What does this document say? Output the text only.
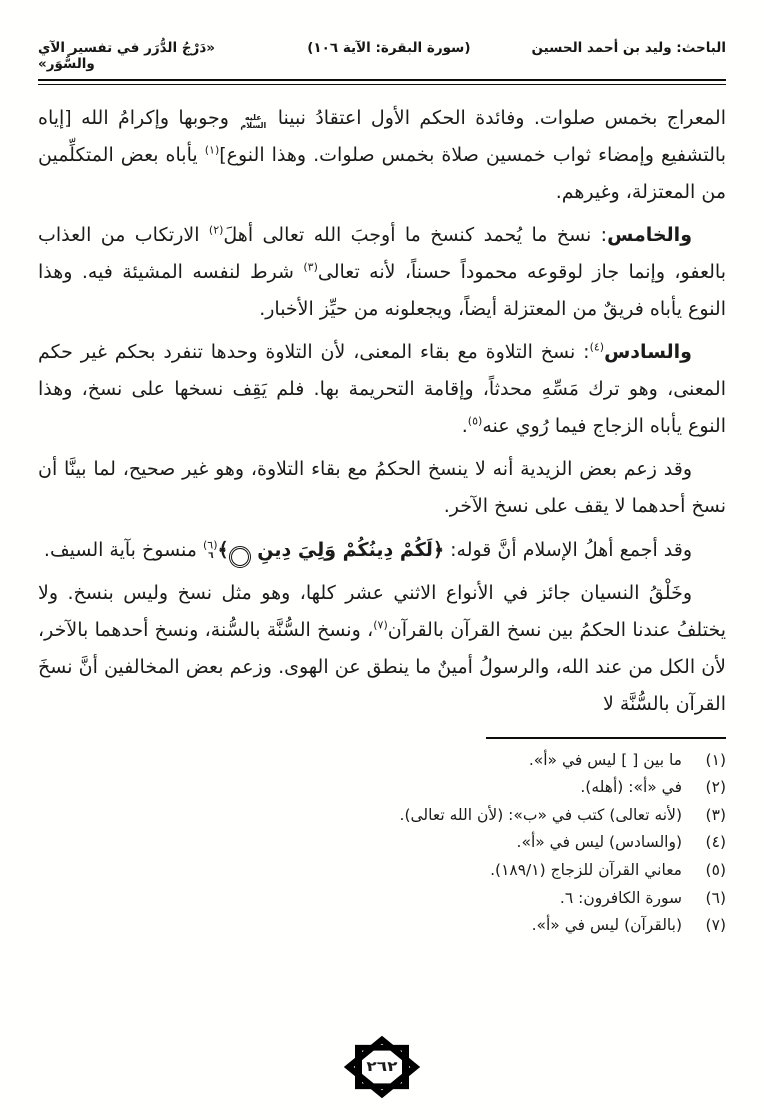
الباحث: وليد بن أحمد الحسين
(سورة البقرة: الآية ١٠٦)
«دَرْجُ الدُّرَر في تفسير الآي والسُّوَر»

المعراج بخمس صلوات. وفائدة الحكم الأول اعتقادُ نبينا عليه السلام وجوبها وإكرامُ الله [إياه بالتشفيع وإمضاء ثواب خمسين صلاة بخمس صلوات. وهذا النوع]$^{(١)}$ يأباه بعض المتكلِّمين من المعتزلة، وغيرهم.

والخامس: نسخ ما يُحمد كنسخ ما أوجبَ الله تعالى أهلَ$^{(٢)}$ الارتكاب من العذاب بالعفو، وإنما جاز لوقوعه محموداً حسناً، لأنه تعالى$^{(٣)}$ شرط لنفسه المشيئة فيه. وهذا النوع يأباه فريقٌ من المعتزلة أيضاً، ويجعلونه من حيِّز الأخبار.

والسادس$^{(٤)}$: نسخ التلاوة مع بقاء المعنى، لأن التلاوة وحدها تنفرد بحكم غير حكم المعنى، وهو ترك مَسِّهِ محدثاً، وإقامة التحريمة بها. فلم يَقِف نسخها على نسخ، وهذا النوع يأباه الزجاج فيما رُوي عنه$^{(٥)}$.

وقد زعم بعض الزيدية أنه لا ينسخ الحكمُ مع بقاء التلاوة، وهو غير صحيح، لما بينَّا أن نسخ أحدهما لا يقف على نسخ الآخر.

وقد أجمع أهلُ الإسلام أنَّ قوله: ﴿لَكُمْ دِينُكُمْ وَلِيَ دِينِ ٦ ﴾$^{(٦)}$ منسوخ بآية السيف.

وخَلْقُ النسيان جائز في الأنواع الاثني عشر كلها، وهو مثل نسخ وليس بنسخ. ولا يختلفُ عندنا الحكمُ بين نسخ القرآن بالقرآن$^{(٧)}$، ونسخ السُّنَّة بالسُّنة، ونسخ أحدهما بالآخر، لأن الكل من عند الله، والرسولُ أمينٌ ما ينطق عن الهوى. وزعم بعض المخالفين أنَّ نسخَ القرآن بالسُّنَّة لا

(١)
ما بين [ ] ليس في «أ».
(٢)
في «أ»: (أهله).
(٣)
(لأنه تعالى) كتب في «ب»: (لأن الله تعالى).
(٤)
(والسادس) ليس في «أ».
(٥)
معاني القرآن للزجاج (١٨٩/١).
(٦)
سورة الكافرون: ٦.
(٧)
(بالقرآن) ليس في «أ».
٢٦٢
